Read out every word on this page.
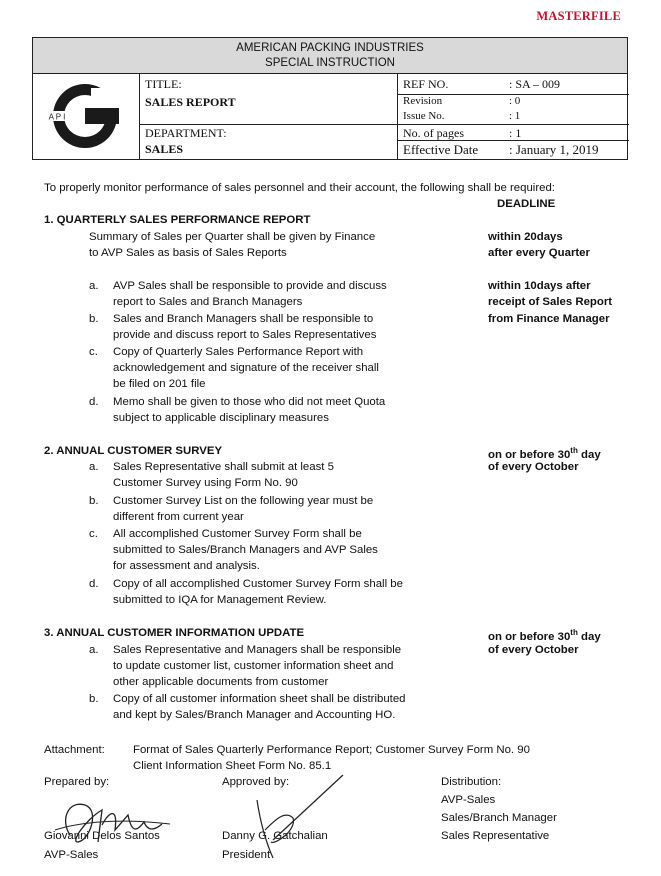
MASTERFILE
AMERICAN PACKING INDUSTRIES
SPECIAL INSTRUCTION
A P I
TITLE:
SALES REPORT
DEPARTMENT:
SALES
REF NO.	: SA – 009
Revision	: 0
Issue No.	: 1
No. of pages	: 1
Effective Date : January 1, 2019
To properly monitor performance of sales personnel and their account, the following shall be required:
DEADLINE
1. QUARTERLY SALES PERFORMANCE REPORT
Summary of Sales per Quarter shall be given by Finance
to AVP Sales as basis of Sales Reports
within 20days
after every Quarter
a. AVP Sales shall be responsible to provide and discuss
report to Sales and Branch Managers
b. Sales and Branch Managers shall be responsible to
provide and discuss report to Sales Representatives
c. Copy of Quarterly Sales Performance Report with
acknowledgement and signature of the receiver shall
be filed on 201 file
d. Memo shall be given to those who did not meet Quota
subject to applicable disciplinary measures
within 10days after
receipt of Sales Report
from Finance Manager
2. ANNUAL CUSTOMER SURVEY	on or before 30th day
of every October
a. Sales Representative shall submit at least 5
Customer Survey using Form No. 90
b. Customer Survey List on the following year must be
different from current year
c. All accomplished Customer Survey Form shall be
submitted to Sales/Branch Managers and AVP Sales
for assessment and analysis.
d. Copy of all accomplished Customer Survey Form shall be
submitted to IQA for Management Review.
3. ANNUAL CUSTOMER INFORMATION UPDATE	on or before 30th day
of every October
a. Sales Representative and Managers shall be responsible
to update customer list, customer information sheet and
other applicable documents from customer
b. Copy of all customer information sheet shall be distributed
and kept by Sales/Branch Manager and Accounting HO.
Attachment: Format of Sales Quarterly Performance Report; Customer Survey Form No. 90
Client Information Sheet Form No. 85.1
Prepared by:
Giovanni Delos Santos
AVP-Sales
Approved by:
Danny G. Gatchalian
President
Distribution:
AVP-Sales
Sales/Branch Manager
Sales Representative
